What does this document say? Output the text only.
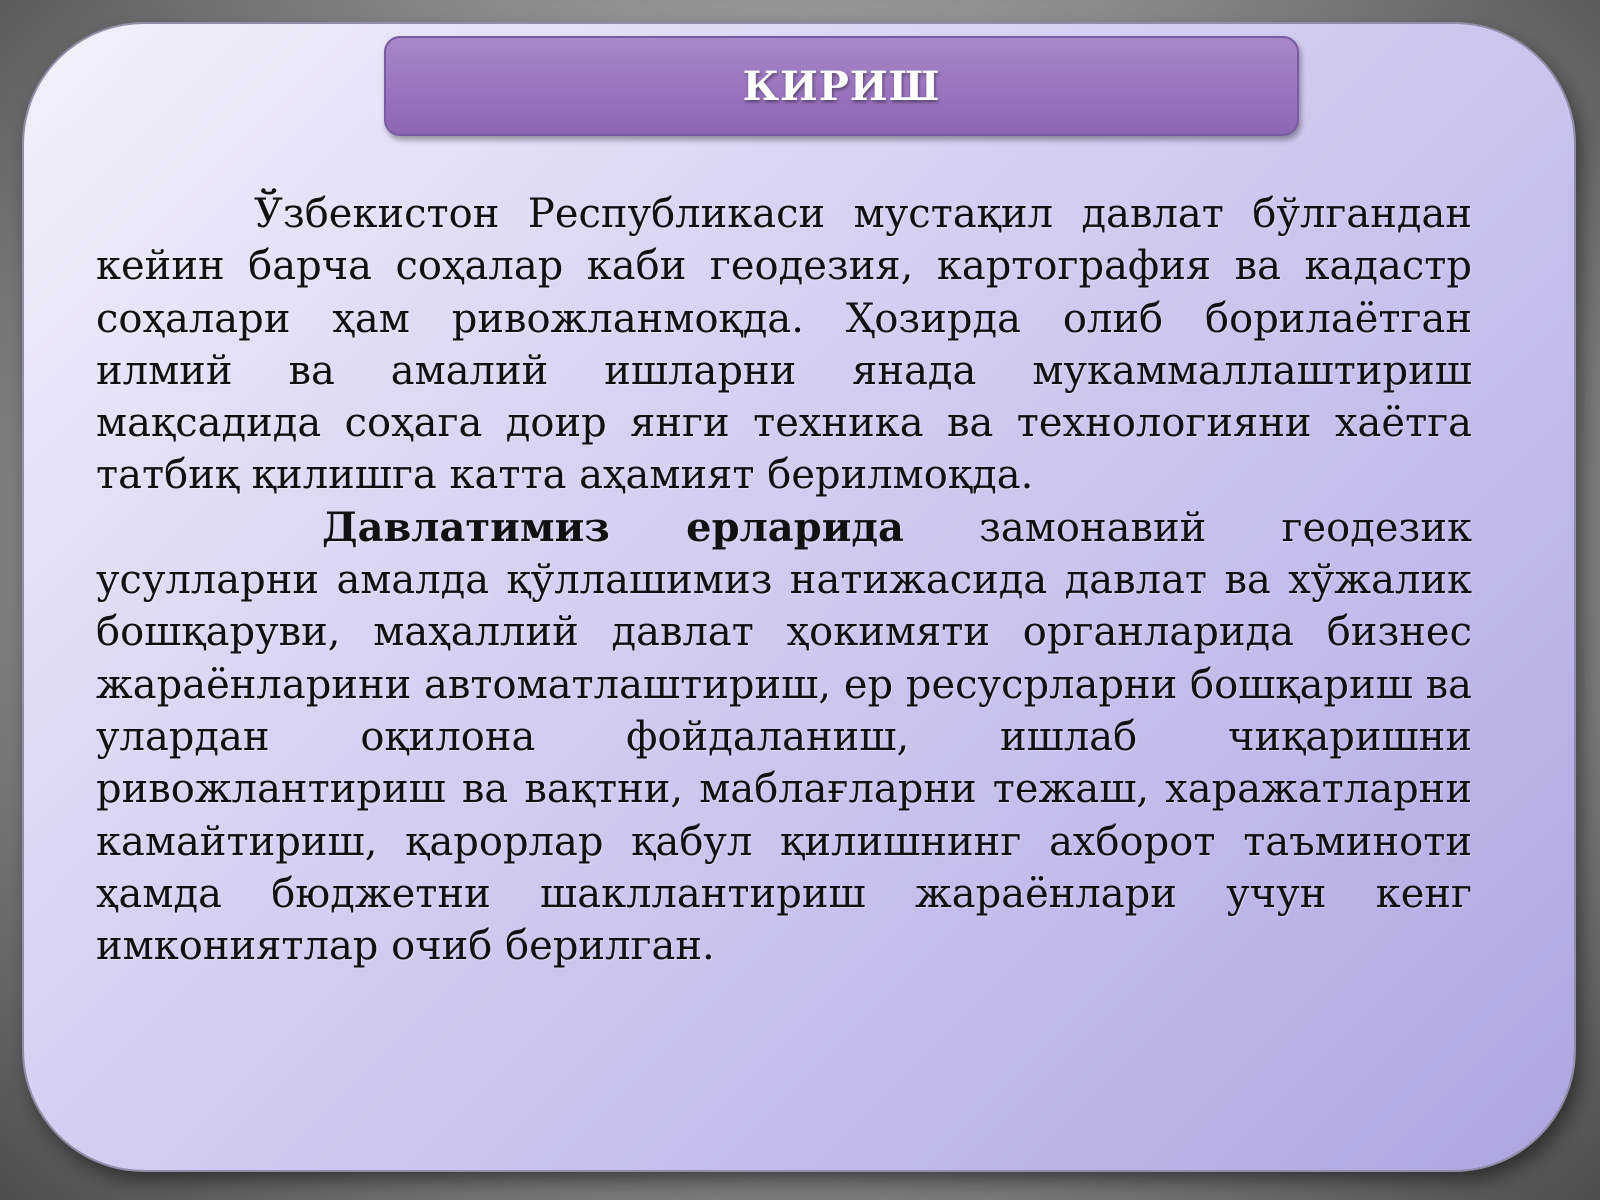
КИРИШ

Ўзбекистон Республикаси мустақил давлат бўлгандан кейин барча соҳалар каби геодезия, картография ва кадастр соҳалари ҳам ривожланмоқда. Ҳозирда олиб борилаётган илмий ва амалий ишларни янада мукаммаллаштириш мақсадида соҳага доир янги техника ва технологияни хаётга татбиқ қилишга катта аҳамият берилмоқда.

Давлатимиз ерларида замонавий геодезик усулларни амалда қўллашимиз натижасида давлат ва хўжалик бошқаруви, маҳаллий давлат ҳокимяти органларида бизнес жараёнларини автоматлаштириш, ер ресусрларни бошқариш ва улардан оқилона фойдаланиш, ишлаб чиқаришни ривожлантириш ва вақтни, маблағларни тежаш, харажатларни камайтириш, қарорлар қабул қилишнинг ахборот таъминоти ҳамда бюджетни шакллантириш жараёнлари учун кенг имкониятлар очиб берилган.
